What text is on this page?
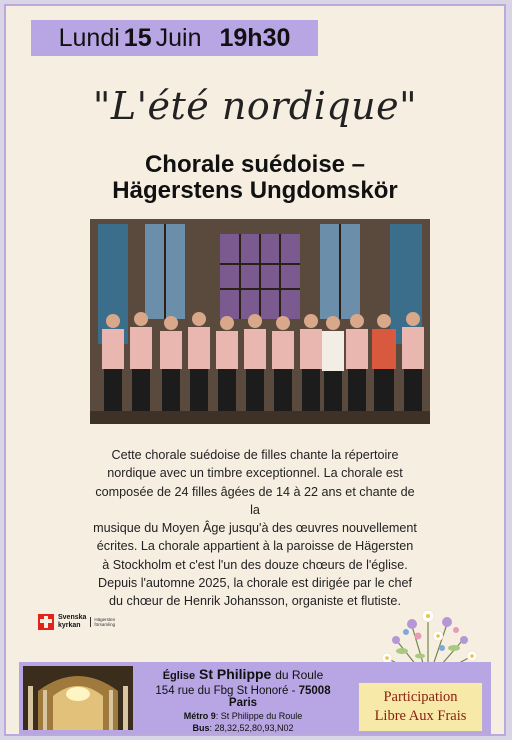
Lundi 15 Juin 19h30
"L'été nordique"
Chorale suédoise –
Hägerstens Ungdomskör
Cette chorale suédoise de filles chante la répertoire
nordique avec un timbre exceptionnel. La chorale est
composée de 24 filles âgées de 14 à 22 ans et chante de la
musique du Moyen Âge jusqu'à des œuvres nouvellement
écrites. La chorale appartient à la paroisse de Hägersten
à Stockholm et c'est l'un des douze chœurs de l'église.
Depuis l'automne 2025, la chorale est dirigée par le chef
du chœur de Henrik Johansson, organiste et flutiste.
Svenska
kyrkan
Hägersten
församling
Église St Philippe du Roule
154 rue du Fbg St Honoré - 75008 Paris
Métro 9: St Philippe du Roule
Bus: 28,32,52,80,93,N02
Participation
Libre Aux Frais
